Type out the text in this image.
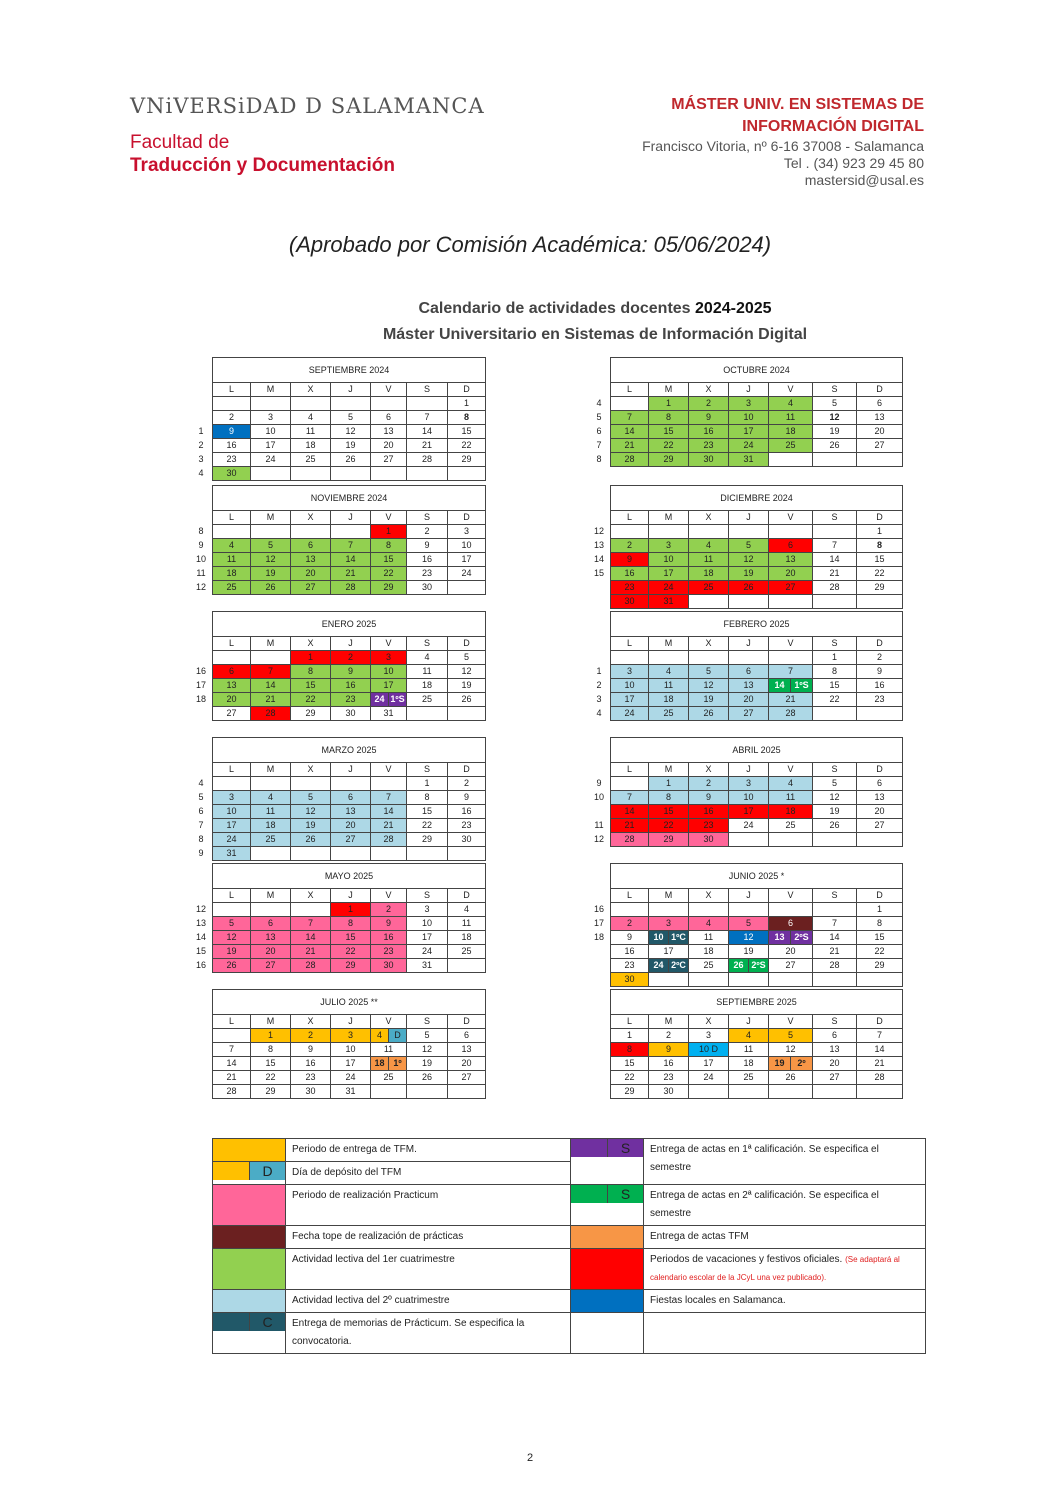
VNiVERSiDAD D SALAMANCA
Facultad de
Traducción y Documentación
MÁSTER UNIV. EN SISTEMAS DE
INFORMACIÓN DIGITAL
Francisco Vitoria, nº 6-16 37008 - Salamanca
Tel . (34) 923 29 45 80
mastersid@usal.es
(Aprobado por Comisión Académica: 05/06/2024)
Calendario de actividades docentes 2024-2025
Máster Universitario en Sistemas de Información Digital
	SEPTIEMBRE 2024						
	L	M	X	J	V	S	D
							1
	2	3	4	5	6	7	8
1	9	10	11	12	13	14	15
2	16	17	18	19	20	21	22
3	23	24	25	26	27	28	29
4	30						
	OCTUBRE 2024						
	L	M	X	J	V	S	D
4		1	2	3	4	5	6
5	7	8	9	10	11	12	13
6	14	15	16	17	18	19	20
7	21	22	23	24	25	26	27
8	28	29	30	31			
	NOVIEMBRE 2024						
	L	M	X	J	V	S	D
8					1	2	3
9	4	5	6	7	8	9	10
10	11	12	13	14	15	16	17
11	18	19	20	21	22	23	24
12	25	26	27	28	29	30	
	DICIEMBRE 2024						
	L	M	X	J	V	S	D
12							1
13	2	3	4	5	6	7	8
14	9	10	11	12	13	14	15
15	16	17	18	19	20	21	22
	23	24	25	26	27	28	29
	30	31					
	ENERO 2025						
	L	M	X	J	V	S	D
			1	2	3	4	5
16	6	7	8	9	10	11	12
17	13	14	15	16	17	18	19
18	20	21	22	23	24 1ºS	25	26
	27	28	29	30	31		
	FEBRERO 2025						
	L	M	X	J	V	S	D
						1	2
1	3	4	5	6	7	8	9
2	10	11	12	13	14 1ºS	15	16
3	17	18	19	20	21	22	23
4	24	25	26	27	28		
	MARZO 2025						
	L	M	X	J	V	S	D
4						1	2
5	3	4	5	6	7	8	9
6	10	11	12	13	14	15	16
7	17	18	19	20	21	22	23
8	24	25	26	27	28	29	30
9	31						
	ABRIL 2025						
	L	M	X	J	V	S	D
9		1	2	3	4	5	6
10	7	8	9	10	11	12	13
	14	15	16	17	18	19	20
11	21	22	23	24	25	26	27
12	28	29	30				
	MAYO 2025						
	L	M	X	J	V	S	D
12				1	2	3	4
13	5	6	7	8	9	10	11
14	12	13	14	15	16	17	18
15	19	20	21	22	23	24	25
16	26	27	28	29	30	31	
	JUNIO 2025 *						
	L	M	X	J	V	S	D
16							1
17	2	3	4	5	6	7	8
18	9	10 1ºC	11	12	13 2ºS	14	15
	16	17	18	19	20	21	22
	23	24 2ºC	25	26 2ºS	27	28	29
	30						
	JULIO 2025 **						
	L	M	X	J	V	S	D
		1	2	3	4 D	5	6
	7	8	9	10	11	12	13
	14	15	16	17	18 1º	19	20
	21	22	23	24	25	26	27
	28	29	30	31			
	SEPTIEMBRE 2025						
	L	M	X	J	V	S	D
	1	2	3	4	5	6	7
	8	9	10 D	11	12	13	14
	15	16	17	18	19 2º	20	21
	22	23	24	25	26	27	28
	29	30					
	Periodo de entrega de TFM.	S	Entrega de actas en 1ª calificación. Se especifica el semestre

D	Día de depósito del TFM		
	Periodo de realización Practicum	S	Entrega de actas en 2ª calificación. Se especifica el semestre
	Fecha tope de realización de prácticas		Entrega de actas TFM
	Actividad lectiva del 1er cuatrimestre		Periodos de vacaciones y festivos oficiales. (Se adaptará al calendario escolar de la JCyL una vez publicado).
	Actividad lectiva del 2º cuatrimestre		Fiestas locales en Salamanca.

C	Entrega de memorias de Prácticum. Se especifica la convocatoria.		
2
